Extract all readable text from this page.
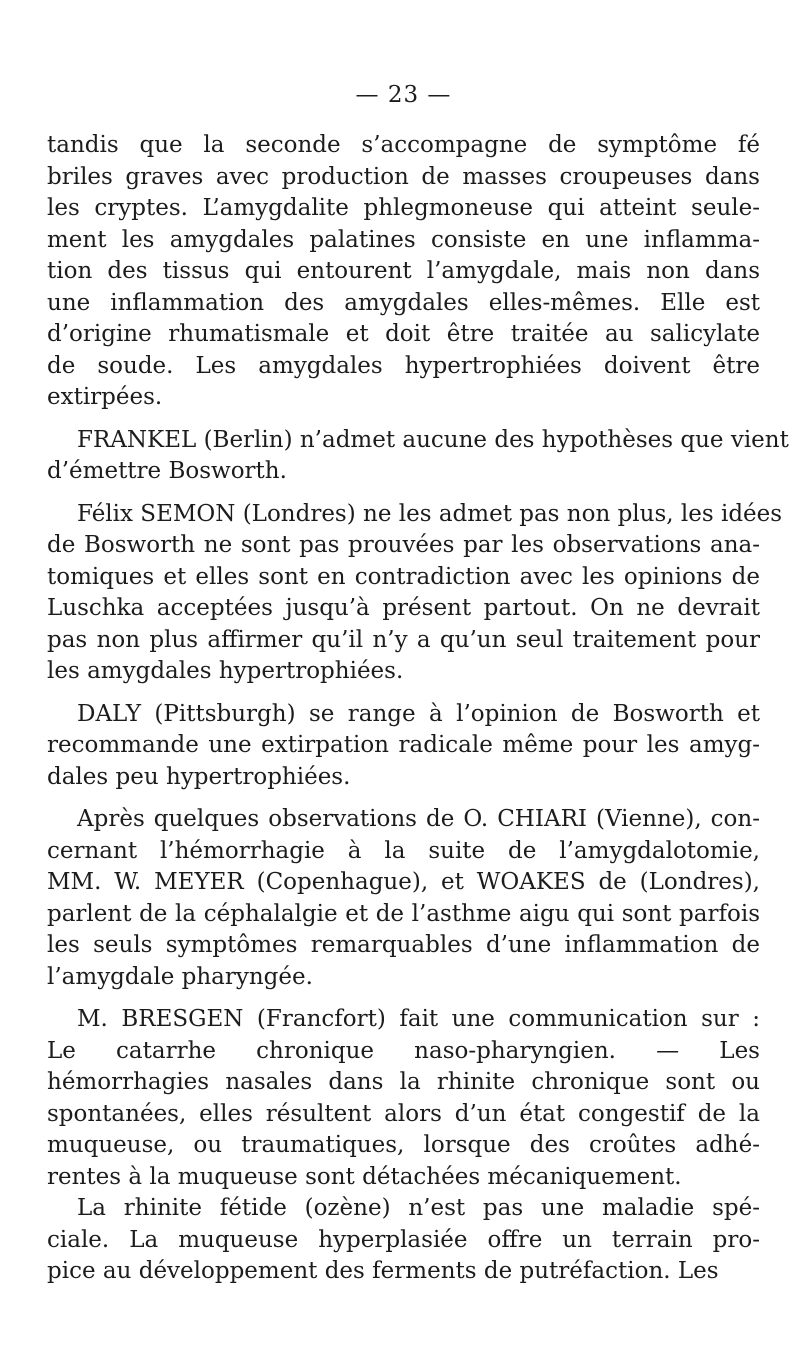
— 23 —
tandis que la seconde s’accompagne de symptôme fé
briles graves avec production de masses croupeuses dans
les cryptes. L’amygdalite phlegmoneuse qui atteint seule-
ment les amygdales palatines consiste en une inflamma-
tion des tissus qui entourent l’amygdale, mais non dans
une inflammation des amygdales elles-mêmes. Elle est
d’origine rhumatismale et doit être traitée au salicylate
de soude. Les amygdales hypertrophiées doivent être
extirpées.
FRANKEL (Berlin) n’admet aucune des hypothèses que vient
d’émettre Bosworth.
Félix SEMON (Londres) ne les admet pas non plus, les idées
de Bosworth ne sont pas prouvées par les observations ana-
tomiques et elles sont en contradiction avec les opinions de
Luschka acceptées jusqu’à présent partout. On ne devrait
pas non plus affirmer qu’il n’y a qu’un seul traitement pour
les amygdales hypertrophiées.
DALY (Pittsburgh) se range à l’opinion de Bosworth et
recommande une extirpation radicale même pour les amyg-
dales peu hypertrophiées.
Après quelques observations de O. CHIARI (Vienne), con-
cernant l’hémorrhagie à la suite de l’amygdalotomie,
MM. W. MEYER (Copenhague), et WOAKES de (Londres),
parlent de la céphalalgie et de l’asthme aigu qui sont parfois
les seuls symptômes remarquables d’une inflammation de
l’amygdale pharyngée.
M. BRESGEN (Francfort) fait une communication sur :
Le catarrhe chronique naso-pharyngien. — Les
hémorrhagies nasales dans la rhinite chronique sont ou
spontanées, elles résultent alors d’un état congestif de la
muqueuse, ou traumatiques, lorsque des croûtes adhé-
rentes à la muqueuse sont détachées mécaniquement.
La rhinite fétide (ozène) n’est pas une maladie spé-
ciale. La muqueuse hyperplasiée offre un terrain pro-
pice au développement des ferments de putréfaction. Les
